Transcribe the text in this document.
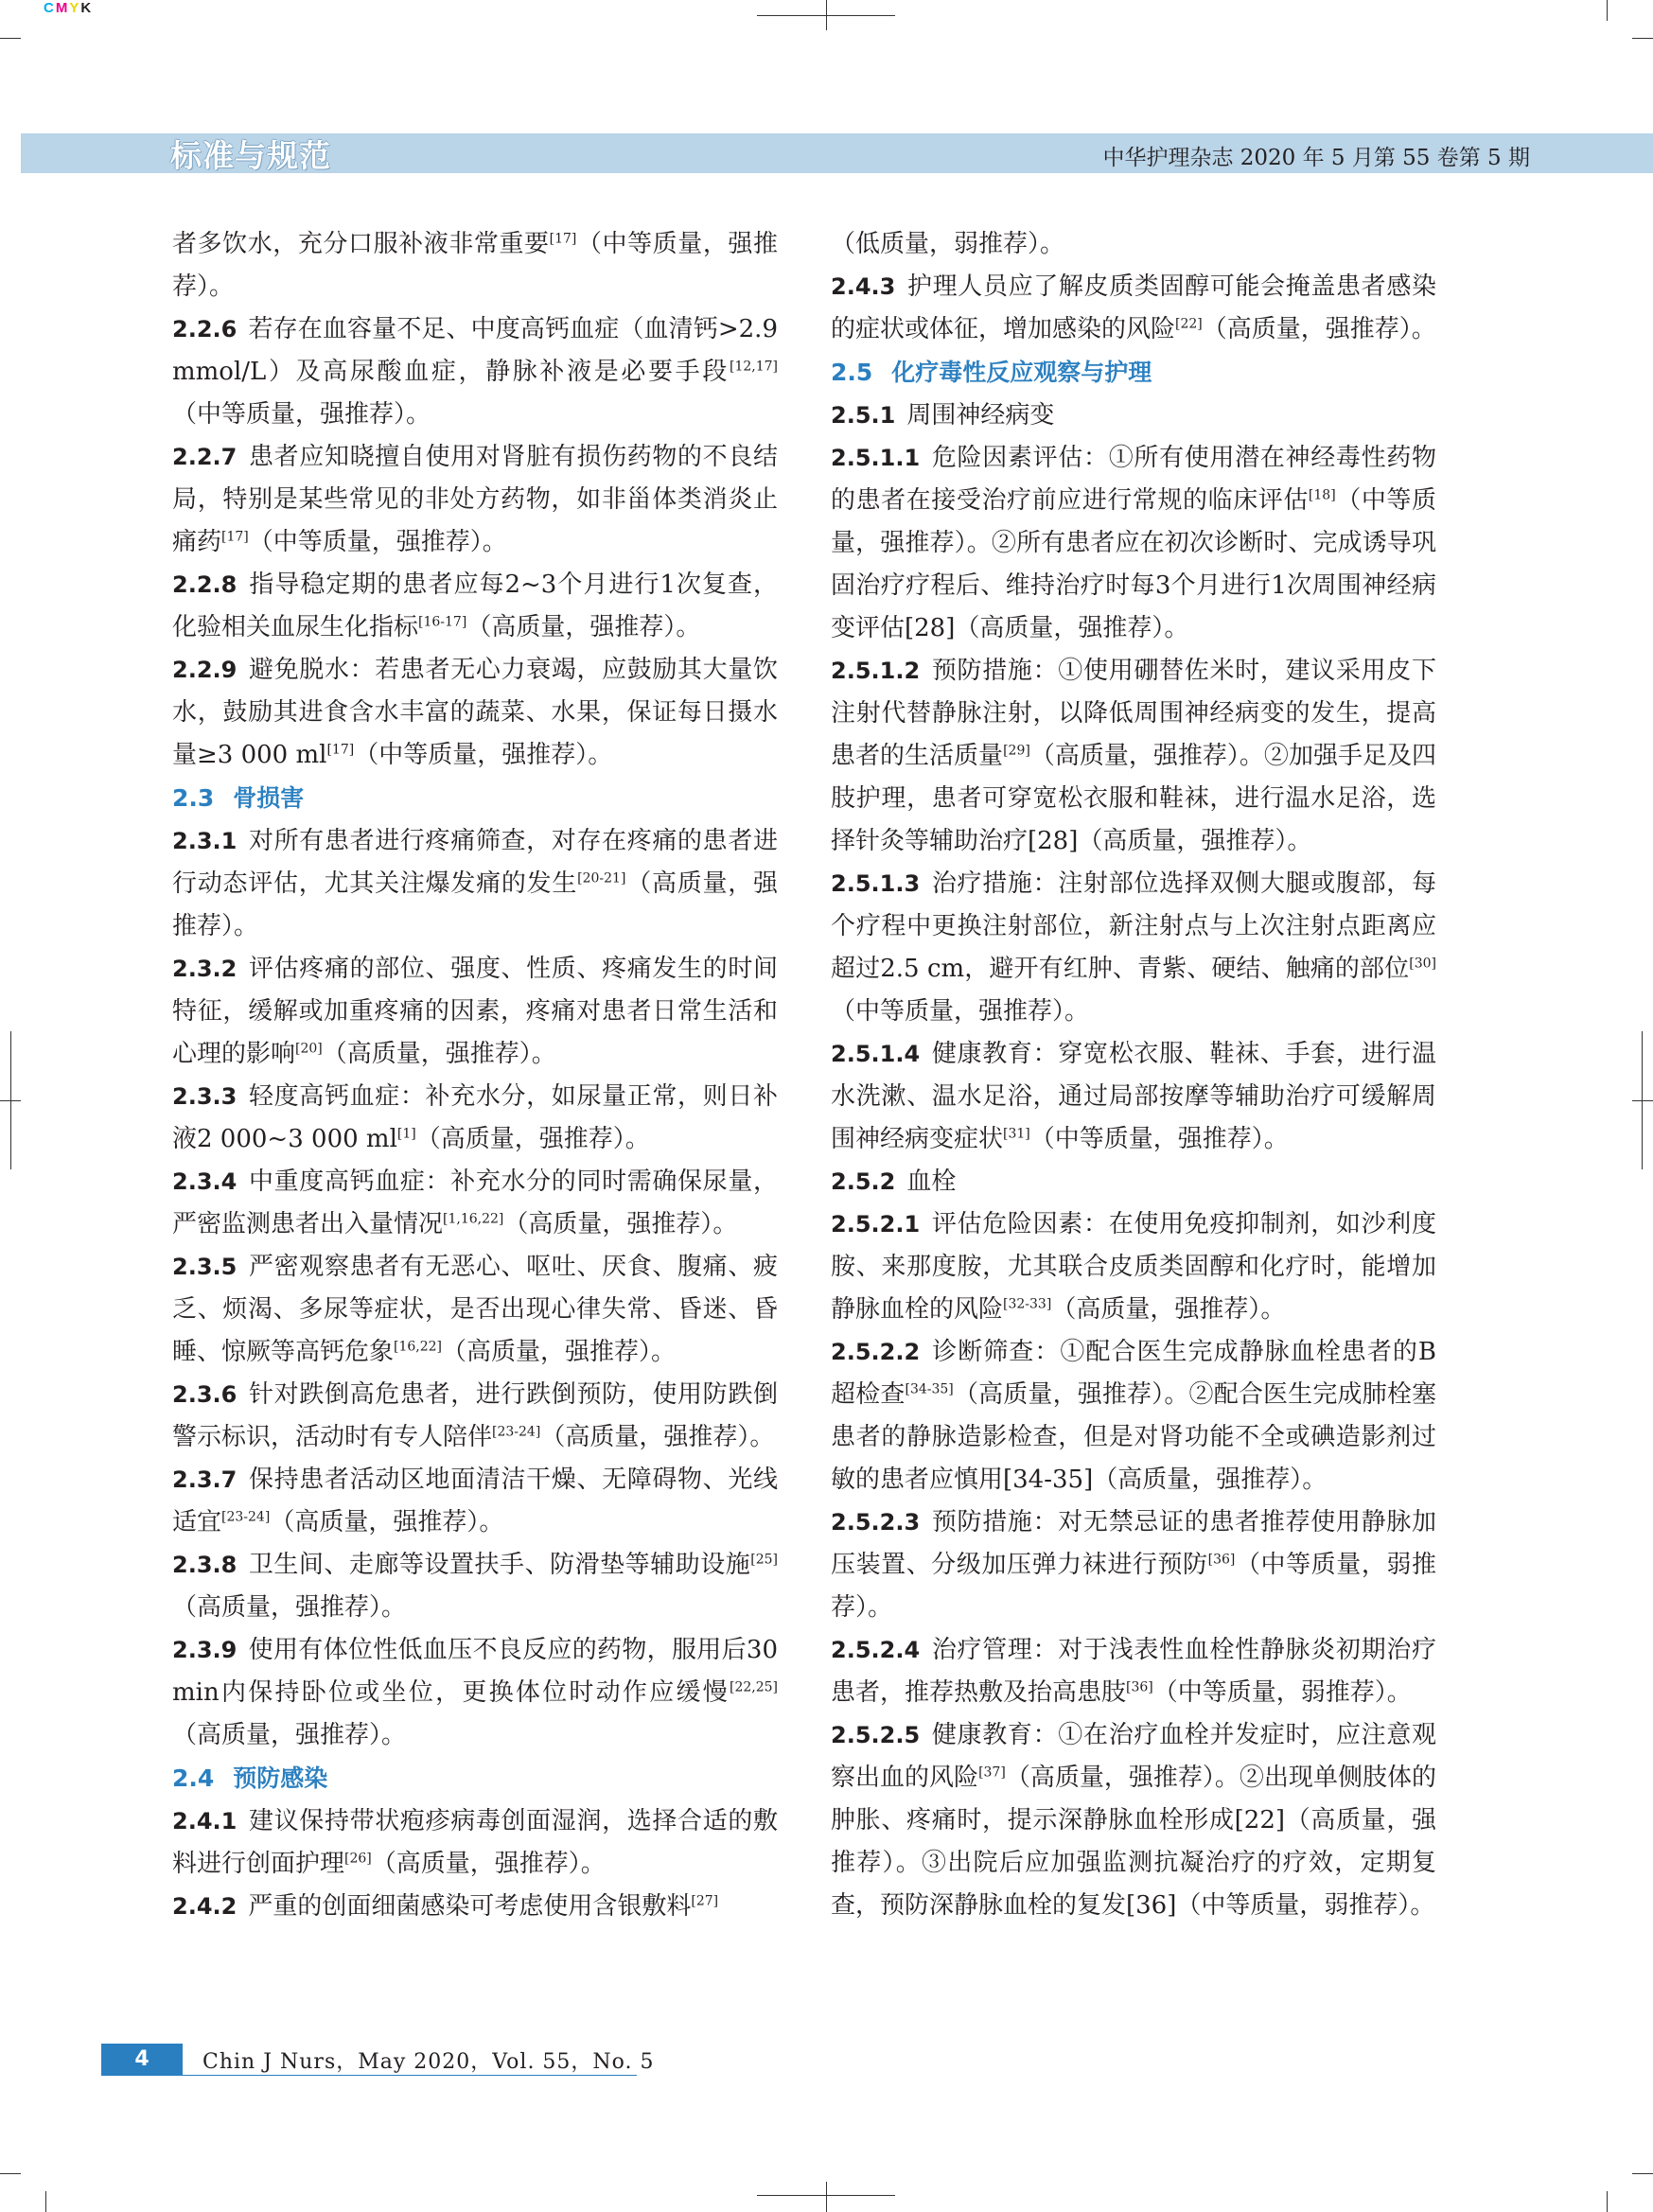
CMYK
标准与规范	中华护理杂志 2020 年 5 月第 55 卷第 5 期

者多饮水，充分口服补液非常重要[17]（中等质量，强推荐）。

2.2.6 若存在血容量不足、中度高钙血症（血清钙>2.9 mmol/L）及高尿酸血症，静脉补液是必要手段[12,17]（中等质量，强推荐）。

2.2.7 患者应知晓擅自使用对肾脏有损伤药物的不良结局，特别是某些常见的非处方药物，如非甾体类消炎止痛药[17]（中等质量，强推荐）。

2.2.8 指导稳定期的患者应每2~3个月进行1次复查，化验相关血尿生化指标[16-17]（高质量，强推荐）。

2.2.9 避免脱水：若患者无心力衰竭，应鼓励其大量饮水，鼓励其进食含水丰富的蔬菜、水果，保证每日摄水量≥3 000 ml[17]（中等质量，强推荐）。

2.3 骨损害

2.3.1 对所有患者进行疼痛筛查，对存在疼痛的患者进行动态评估，尤其关注爆发痛的发生[20-21]（高质量，强推荐）。

2.3.2 评估疼痛的部位、强度、性质、疼痛发生的时间特征，缓解或加重疼痛的因素，疼痛对患者日常生活和心理的影响[20]（高质量，强推荐）。

2.3.3 轻度高钙血症：补充水分，如尿量正常，则日补液2 000~3 000 ml[1]（高质量，强推荐）。

2.3.4 中重度高钙血症：补充水分的同时需确保尿量，严密监测患者出入量情况[1,16,22]（高质量，强推荐）。

2.3.5 严密观察患者有无恶心、呕吐、厌食、腹痛、疲乏、烦渴、多尿等症状，是否出现心律失常、昏迷、昏睡、惊厥等高钙危象[16,22]（高质量，强推荐）。

2.3.6 针对跌倒高危患者，进行跌倒预防，使用防跌倒警示标识，活动时有专人陪伴[23-24]（高质量，强推荐）。

2.3.7 保持患者活动区地面清洁干燥、无障碍物、光线适宜[23-24]（高质量，强推荐）。

2.3.8 卫生间、走廊等设置扶手、防滑垫等辅助设施[25]（高质量，强推荐）。

2.3.9 使用有体位性低血压不良反应的药物，服用后30　min内保持卧位或坐位，更换体位时动作应缓慢[22,25]（高质量，强推荐）。

2.4 预防感染

2.4.1 建议保持带状疱疹病毒创面湿润，选择合适的敷料进行创面护理[26]（高质量，强推荐）。

2.4.2 严重的创面细菌感染可考虑使用含银敷料[27]

（低质量，弱推荐）。

2.4.3 护理人员应了解皮质类固醇可能会掩盖患者感染的症状或体征，增加感染的风险[22]（高质量，强推荐）。

2.5 化疗毒性反应观察与护理

2.5.1 周围神经病变

2.5.1.1 危险因素评估：①所有使用潜在神经毒性药物的患者在接受治疗前应进行常规的临床评估[18]（中等质量，强推荐）。②所有患者应在初次诊断时、完成诱导巩固治疗疗程后、维持治疗时每3个月进行1次周围神经病变评估[28]（高质量，强推荐）。

2.5.1.2 预防措施：①使用硼替佐米时，建议采用皮下注射代替静脉注射，以降低周围神经病变的发生，提高患者的生活质量[29]（高质量，强推荐）。②加强手足及四肢护理，患者可穿宽松衣服和鞋袜，进行温水足浴，选择针灸等辅助治疗[28]（高质量，强推荐）。

2.5.1.3 治疗措施：注射部位选择双侧大腿或腹部，每个疗程中更换注射部位，新注射点与上次注射点距离应超过2.5 cm，避开有红肿、青紫、硬结、触痛的部位[30]（中等质量，强推荐）。

2.5.1.4 健康教育：穿宽松衣服、鞋袜、手套，进行温水洗漱、温水足浴，通过局部按摩等辅助治疗可缓解周围神经病变症状[31]（中等质量，强推荐）。

2.5.2 血栓

2.5.2.1 评估危险因素：在使用免疫抑制剂，如沙利度胺、来那度胺，尤其联合皮质类固醇和化疗时，能增加静脉血栓的风险[32-33]（高质量，强推荐）。

2.5.2.2 诊断筛查：①配合医生完成静脉血栓患者的B超检查[34-35]（高质量，强推荐）。②配合医生完成肺栓塞患者的静脉造影检查，但是对肾功能不全或碘造影剂过敏的患者应慎用[34-35]（高质量，强推荐）。

2.5.2.3 预防措施：对无禁忌证的患者推荐使用静脉加压装置、分级加压弹力袜进行预防[36]（中等质量，弱推荐）。

2.5.2.4 治疗管理：对于浅表性血栓性静脉炎初期治疗患者，推荐热敷及抬高患肢[36]（中等质量，弱推荐）。

2.5.2.5 健康教育：①在治疗血栓并发症时，应注意观察出血的风险[37]（高质量，强推荐）。②出现单侧肢体的肿胀、疼痛时，提示深静脉血栓形成[22]（高质量，强推荐）。③出院后应加强监测抗凝治疗的疗效，定期复查，预防深静脉血栓的复发[36]（中等质量，弱推荐）。

4	Chin J Nurs，May 2020，Vol. 55，No. 5
